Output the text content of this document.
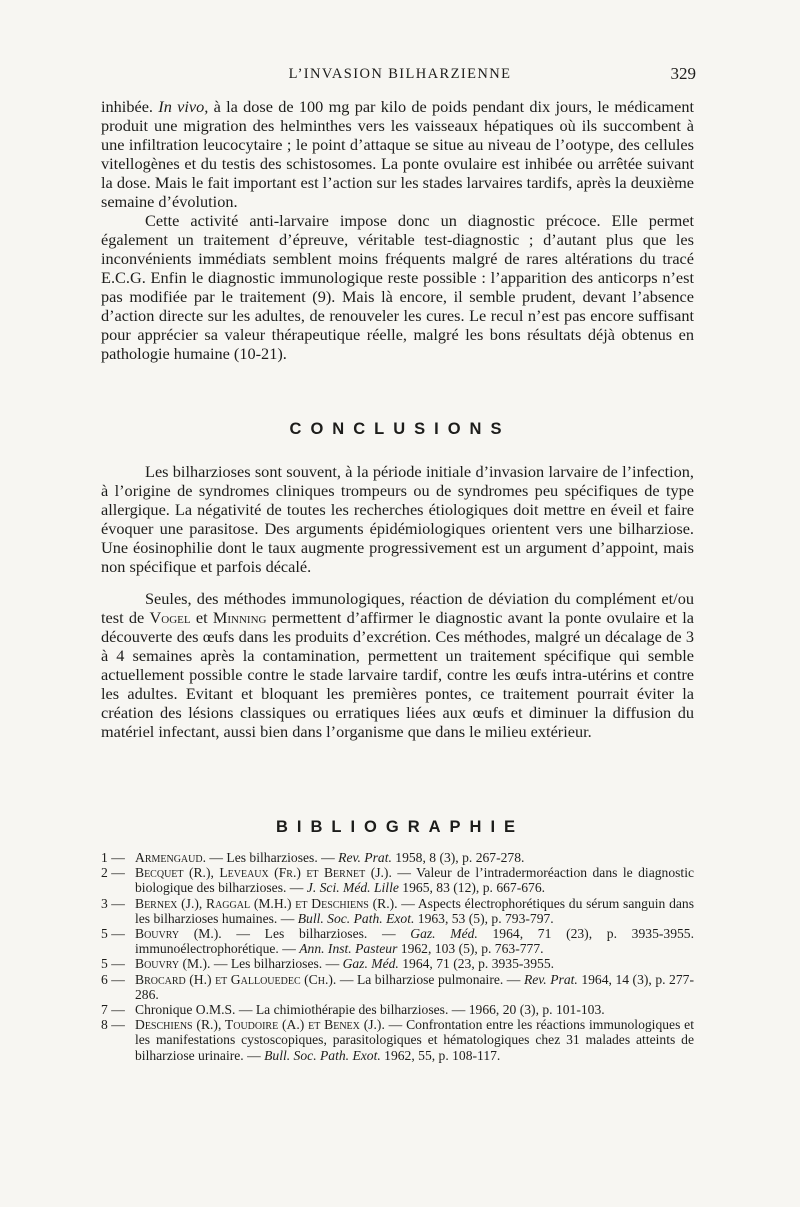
L’INVASION BILHARZIENNE	329

inhibée. In vivo, à la dose de 100 mg par kilo de poids pendant dix jours, le médicament produit une migration des helminthes vers les vaisseaux hépatiques où ils succombent à une infiltration leucocytaire ; le point d’attaque se situe au niveau de l’ootype, des cellules vitellogènes et du testis des schistosomes. La ponte ovulaire est inhibée ou arrêtée suivant la dose. Mais le fait important est l’action sur les stades larvaires tardifs, après la deuxième semaine d’évolution.

Cette activité anti-larvaire impose donc un diagnostic précoce. Elle permet également un traitement d’épreuve, véritable test-diagnostic ; d’autant plus que les inconvénients immédiats semblent moins fréquents malgré de rares altérations du tracé E.C.G. Enfin le diagnostic immunologique reste possible : l’apparition des anticorps n’est pas modifiée par le traitement (9). Mais là encore, il semble prudent, devant l’absence d’action directe sur les adultes, de renouveler les cures. Le recul n’est pas encore suffisant pour apprécier sa valeur thérapeutique réelle, malgré les bons résultats déjà obtenus en pathologie humaine (10-21).

CONCLUSIONS

Les bilharzioses sont souvent, à la période initiale d’invasion larvaire de l’infection, à l’origine de syndromes cliniques trompeurs ou de syndromes peu spécifiques de type allergique. La négativité de toutes les recherches étiologiques doit mettre en éveil et faire évoquer une parasitose. Des arguments épidémiologiques orientent vers une bilharziose. Une éosinophilie dont le taux augmente progressivement est un argument d’appoint, mais non spécifique et parfois décalé.

Seules, des méthodes immunologiques, réaction de déviation du complément et/ou test de Vogel et Minning permettent d’affirmer le diagnostic avant la ponte ovulaire et la découverte des œufs dans les produits d’excrétion. Ces méthodes, malgré un décalage de 3 à 4 semaines après la contamination, permettent un traitement spécifique qui semble actuellement possible contre le stade larvaire tardif, contre les œufs intra-utérins et contre les adultes. Evitant et bloquant les premières pontes, ce traitement pourrait éviter la création des lésions classiques ou erratiques liées aux œufs et diminuer la diffusion du matériel infectant, aussi bien dans l’organisme que dans le milieu extérieur.

BIBLIOGRAPHIE
1 — Armengaud. — Les bilharzioses. — Rev. Prat. 1958, 8 (3), p. 267-278.
2 — Becquet (R.), Leveaux (Fr.) et Bernet (J.). — Valeur de l’intradermoréaction dans le diagnostic biologique des bilharzioses. — J. Sci. Méd. Lille 1965, 83 (12), p. 667-676.
3 — Bernex (J.), Raggal (M.H.) et Deschiens (R.). — Aspects électrophorétiques du sérum sanguin dans les bilharzioses humaines. — Bull. Soc. Path. Exot. 1963, 53 (5), p. 793-797.
5 — Bouvry (M.). — Les bilharzioses. — Gaz. Méd. 1964, 71 (23), p. 3935-3955. immunoélectrophorétique. — Ann. Inst. Pasteur 1962, 103 (5), p. 763-777.
5 — Bouvry (M.). — Les bilharzioses. — Gaz. Méd. 1964, 71 (23, p. 3935-3955.
6 — Brocard (H.) et Gallouedec (Ch.). — La bilharziose pulmonaire. — Rev. Prat. 1964, 14 (3), p. 277-286.
7 — Chronique O.M.S. — La chimiothérapie des bilharzioses. — 1966, 20 (3), p. 101-103.
8 — Deschiens (R.), Toudoire (A.) et Benex (J.). — Confrontation entre les réactions immunologiques et les manifestations cystoscopiques, parasitologiques et hématologiques chez 31 malades atteints de bilharziose urinaire. — Bull. Soc. Path. Exot. 1962, 55, p. 108-117.
